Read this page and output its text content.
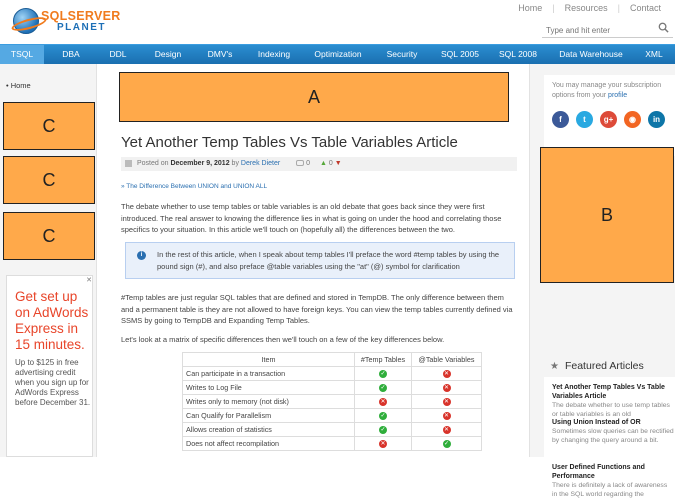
SQLSERVER
PLANET
Home	|	Resources	|	Contact
Type and hit enter
TSQL	DBA	DDL	Design	DMV's	Indexing	Optimization	Security	SQL 2005	SQL 2008	Data Warehouse	XML
• Home
C
C
C
✕
Get set up on AdWords Express in 15 minutes.
Up to $125 in free advertising credit when you sign up for AdWords Express before December 31.
A
Yet Another Temp Tables Vs Table Variables Article
Posted on December 9, 2012 by Derek Dieter	0 ▲ 0 ▼
» The Difference Between UNION and UNION ALL
The debate whether to use temp tables or table variables is an old debate that goes back since they were first introduced. The real answer to knowing the difference lies in what is going on under the hood and correlating those specifics to your situation. In this article we'll touch on (hopefully all) the differences between the two.
i	In the rest of this article, when I speak about temp tables I'll preface the word #temp tables by using the pound sign (#), and also preface @table variables using the "at" (@) symbol for clarification
#Temp tables are just regular SQL tables that are defined and stored in TempDB. The only difference between them and a permanent table is they are not allowed to have foreign keys. You can view the temp tables currently defined via SSMS by going to TempDB and Expanding Temp Tables.
Let's look at a matrix of specific differences then we'll touch on a few of the key differences below.
Item	#Temp Tables	@Table Variables
Can participate in a transaction	✓	✕
Writes to Log File	✓	✕
Writes only to memory (not disk)	✕	✕
Can Qualify for Parallelism	✓	✕
Allows creation of statistics	✓	✕
Does not affect recompilation	✕	✓
You may manage your subscription options from your profile
f	t	g+	◉	in
B
★ Featured Articles
Yet Another Temp Tables Vs Table Variables Article
The debate whether to use temp tables or table variables is an old
Using Union Instead of OR
Sometimes slow queries can be rectified by changing the query around a bit.
User Defined Functions and Performance
There is definitely a lack of awareness in the SQL world regarding the
